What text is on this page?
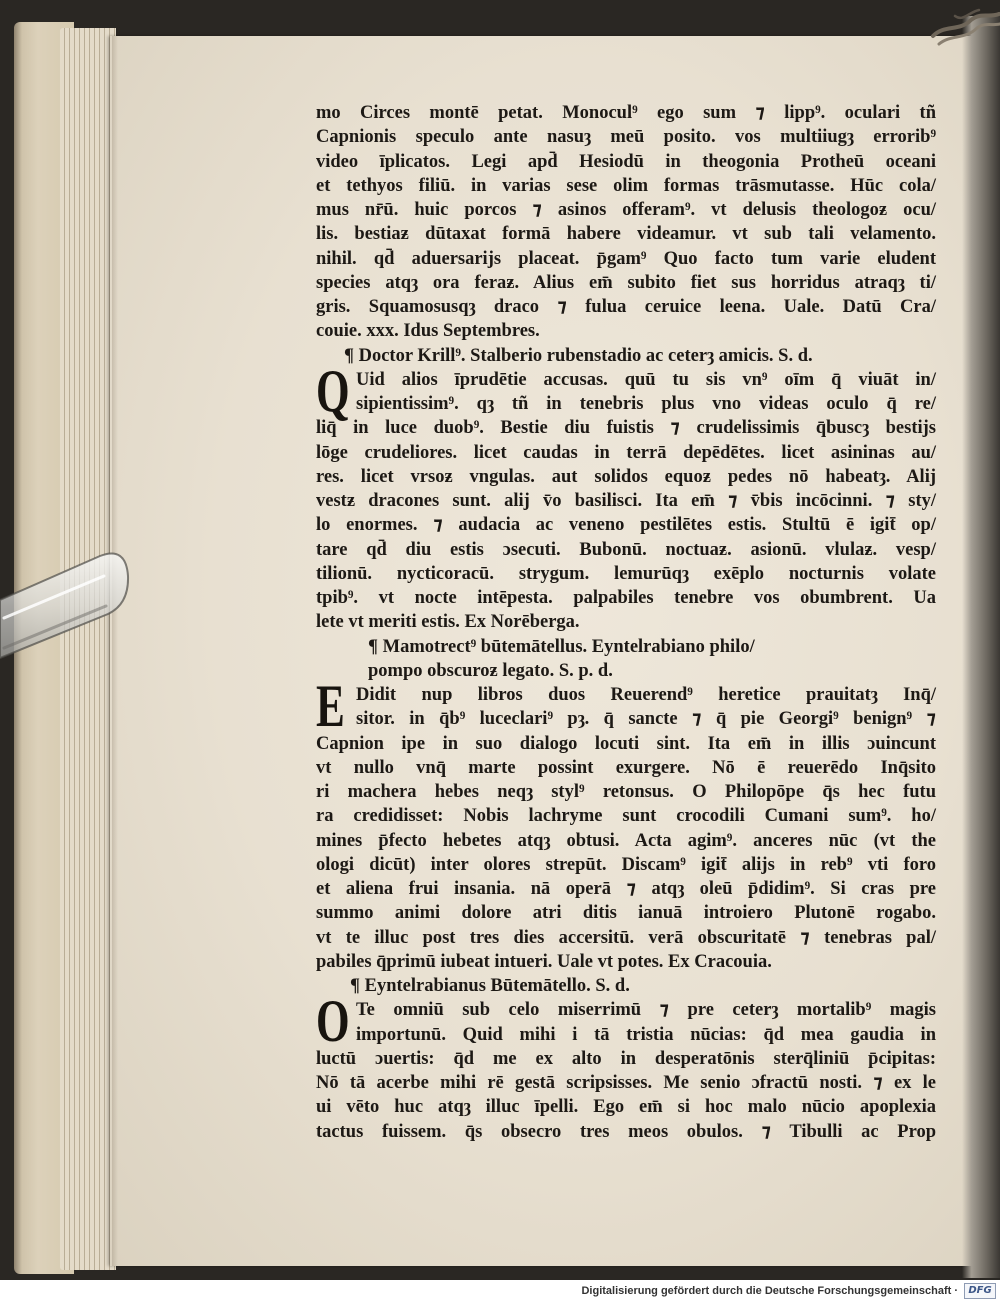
mo Circes montē petat. Monocul⁹ ego sum ⁊ lipp⁹. oculari tñ
Capnionis speculo ante nasuȝ meū posito. vos multiiugȝ errorib⁹
video īplicatos. Legi apd̄ Hesiodū in theogonia Protheū oceani
et tethyos filiū. in varias sese olim formas trāsmutasse. Hūc cola/
mus nr̄ū. huic porcos ⁊ asinos offeram⁹. vt delusis theologoƶ ocu/
lis. bestiaƶ dūtaxat formā habere videamur. vt sub tali velamento.
nihil. qd̄ aduersarijs placeat. p̄gam⁹ Quo facto tum varie eludent
species atqȝ ora feraƶ. Alius em̄ subito fiet sus horridus atraqȝ ti/
gris. Squamosusqȝ draco ⁊ fulua ceruice leena. Uale. Datū Cra/
couie. xxx. Idus Septembres.
¶ Doctor Krill⁹. Stalberio rubenstadio ac ceterȝ amicis. S. d.
Q Uid alios īprudētie accusas. quū tu sis vn⁹ oīm q̄ viuāt in/
sipientissim⁹. qȝ tñ in tenebris plus vno videas oculo q̄ re/
liq̄ in luce duob⁹. Bestie diu fuistis ⁊ crudelissimis q̄buscȝ bestijs
lōge crudeliores. licet caudas in terrā depēdētes. licet asininas au/
res. licet vrsoƶ vngulas. aut solidos equoƶ pedes nō habeatȝ. Alij
vestƶ dracones sunt. alij v̄o basilisci. Ita em̄ ⁊ v̄bis incōcinni. ⁊ sty/
lo enormes. ⁊ audacia ac veneno pestilētes estis. Stultū ē igit̄ op/
tare qd̄ diu estis ɔsecuti. Bubonū. noctuaƶ. asionū. vlulaƶ. vesp/
tilionū. nycticoracū. strygum. lemurūqȝ exēplo nocturnis volate
tpib⁹. vt nocte intēpesta. palpabiles tenebre vos obumbrent. Ua
lete vt meriti estis. Ex Norēberga.
¶ Mamotrect⁹ būtemātellus. Eyntelrabiano philo/
pompo obscuroƶ legato. S. p. d.
E Didit nup libros duos Reuerend⁹ heretice prauitatȝ Inq̄/
sitor. in q̄b⁹ luceclari⁹ pȝ. q̄ sancte ⁊ q̄ pie Georgi⁹ benign⁹ ⁊
Capnion ipe in suo dialogo locuti sint. Ita em̄ in illis ɔuincunt
vt nullo vnq̄ marte possint exurgere. Nō ē reuerēdo Inq̄sito
ri machera hebes neqȝ styl⁹ retonsus. O Philopōpe q̄s hec futu
ra credidisset: Nobis lachryme sunt crocodili Cumani sum⁹. ho/
mines p̄fecto hebetes atqȝ obtusi. Acta agim⁹. anceres nūc (vt the
ologi dicūt) inter olores strepūt. Discam⁹ igit̄ alijs in reb⁹ vti foro
et aliena frui insania. nā operā ⁊ atqȝ oleū p̄didim⁹. Si cras pre
summo animi dolore atri ditis ianuā introiero Plutonē rogabo.
vt te illuc post tres dies accersitū. verā obscuritatē ⁊ tenebras pal/
pabiles q̄primū iubeat intueri. Uale vt potes. Ex Cracouia.
¶ Eyntelrabianus Būtemātello. S. d.
O Te omniū sub celo miserrimū ⁊ pre ceterȝ mortalib⁹ magis
importunū. Quid mihi i tā tristia nūcias: q̄d mea gaudia in
luctū ɔuertis: q̄d me ex alto in desperatōnis sterq̄liniū p̄cipitas:
Nō tā acerbe mihi rē gestā scripsisses. Me senio ɔfractū nosti. ⁊ ex le
ui vēto huc atqȝ illuc īpelli. Ego em̄ si hoc malo nūcio apoplexia
tactus fuissem. q̄s obsecro tres meos obulos. ⁊ Tibulli ac Prop
Digitalisierung gefördert durch die Deutsche Forschungsgemeinschaft ·	DFG
